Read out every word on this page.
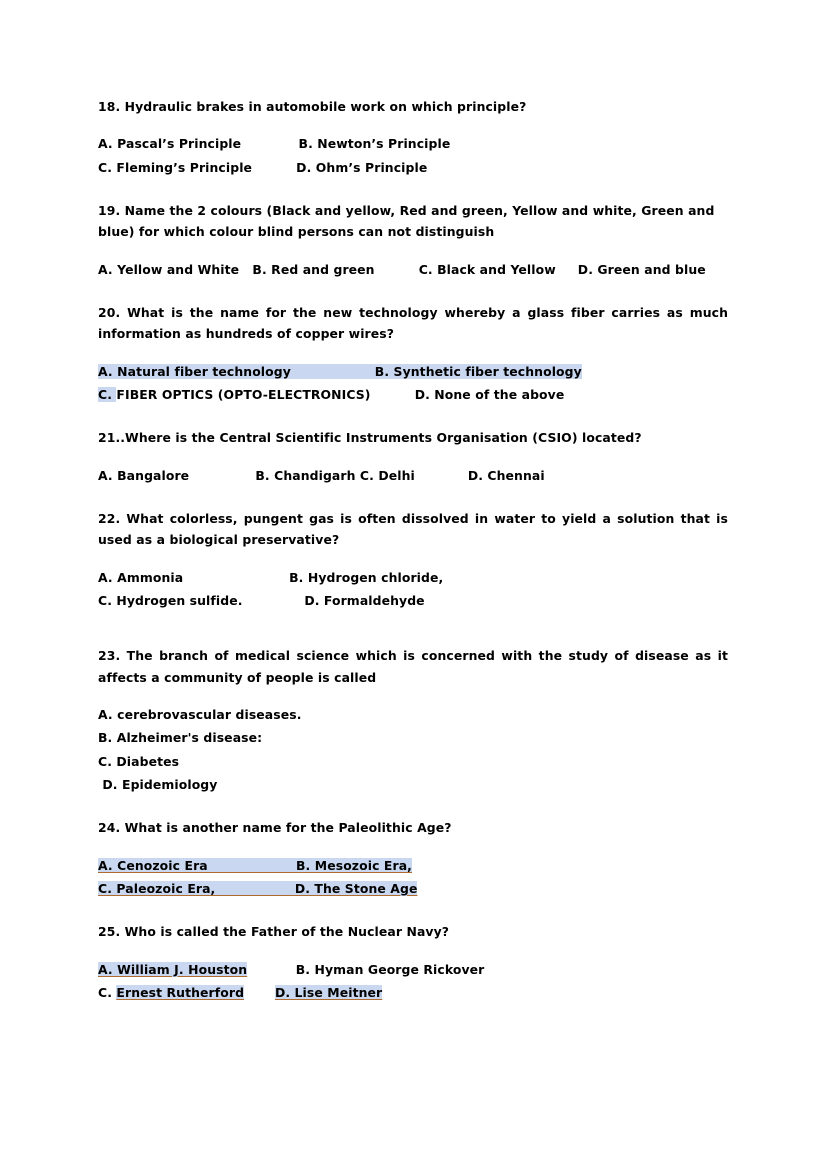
18. Hydraulic brakes in automobile work on which principle?

A. Pascal’s Principle             B. Newton’s Principle
C. Fleming’s Principle          D. Ohm’s Principle

19. Name the 2 colours (Black and yellow, Red and green, Yellow and white, Green and blue) for which colour blind persons can not distinguish

A. Yellow and White   B. Red and green          C. Black and Yellow     D. Green and blue

20. What is the name for the new technology whereby a glass fiber carries as much information as hundreds of copper wires?

A. Natural fiber technology                   B. Synthetic fiber technology
C. FIBER OPTICS (OPTO-ELECTRONICS)          D. None of the above

21..Where is the Central Scientific Instruments Organisation (CSIO) located?

A. Bangalore               B. Chandigarh C. Delhi            D. Chennai

22. What colorless, pungent gas is often dissolved in water to yield a solution that is used as a biological preservative?

A. Ammonia                        B. Hydrogen chloride,
C. Hydrogen sulfide.              D. Formaldehyde

23. The branch of medical science which is concerned with the study of disease as it affects a community of people is called

A. cerebrovascular diseases.
B. Alzheimer's disease:
C. Diabetes
D. Epidemiology

24. What is another name for the Paleolithic Age?

A. Cenozoic Era                    B. Mesozoic Era,
C. Paleozoic Era,                  D. The Stone Age

25. Who is called the Father of the Nuclear Navy?

A. William J. Houston           B. Hyman George Rickover
C. Ernest Rutherford D. Lise Meitner
